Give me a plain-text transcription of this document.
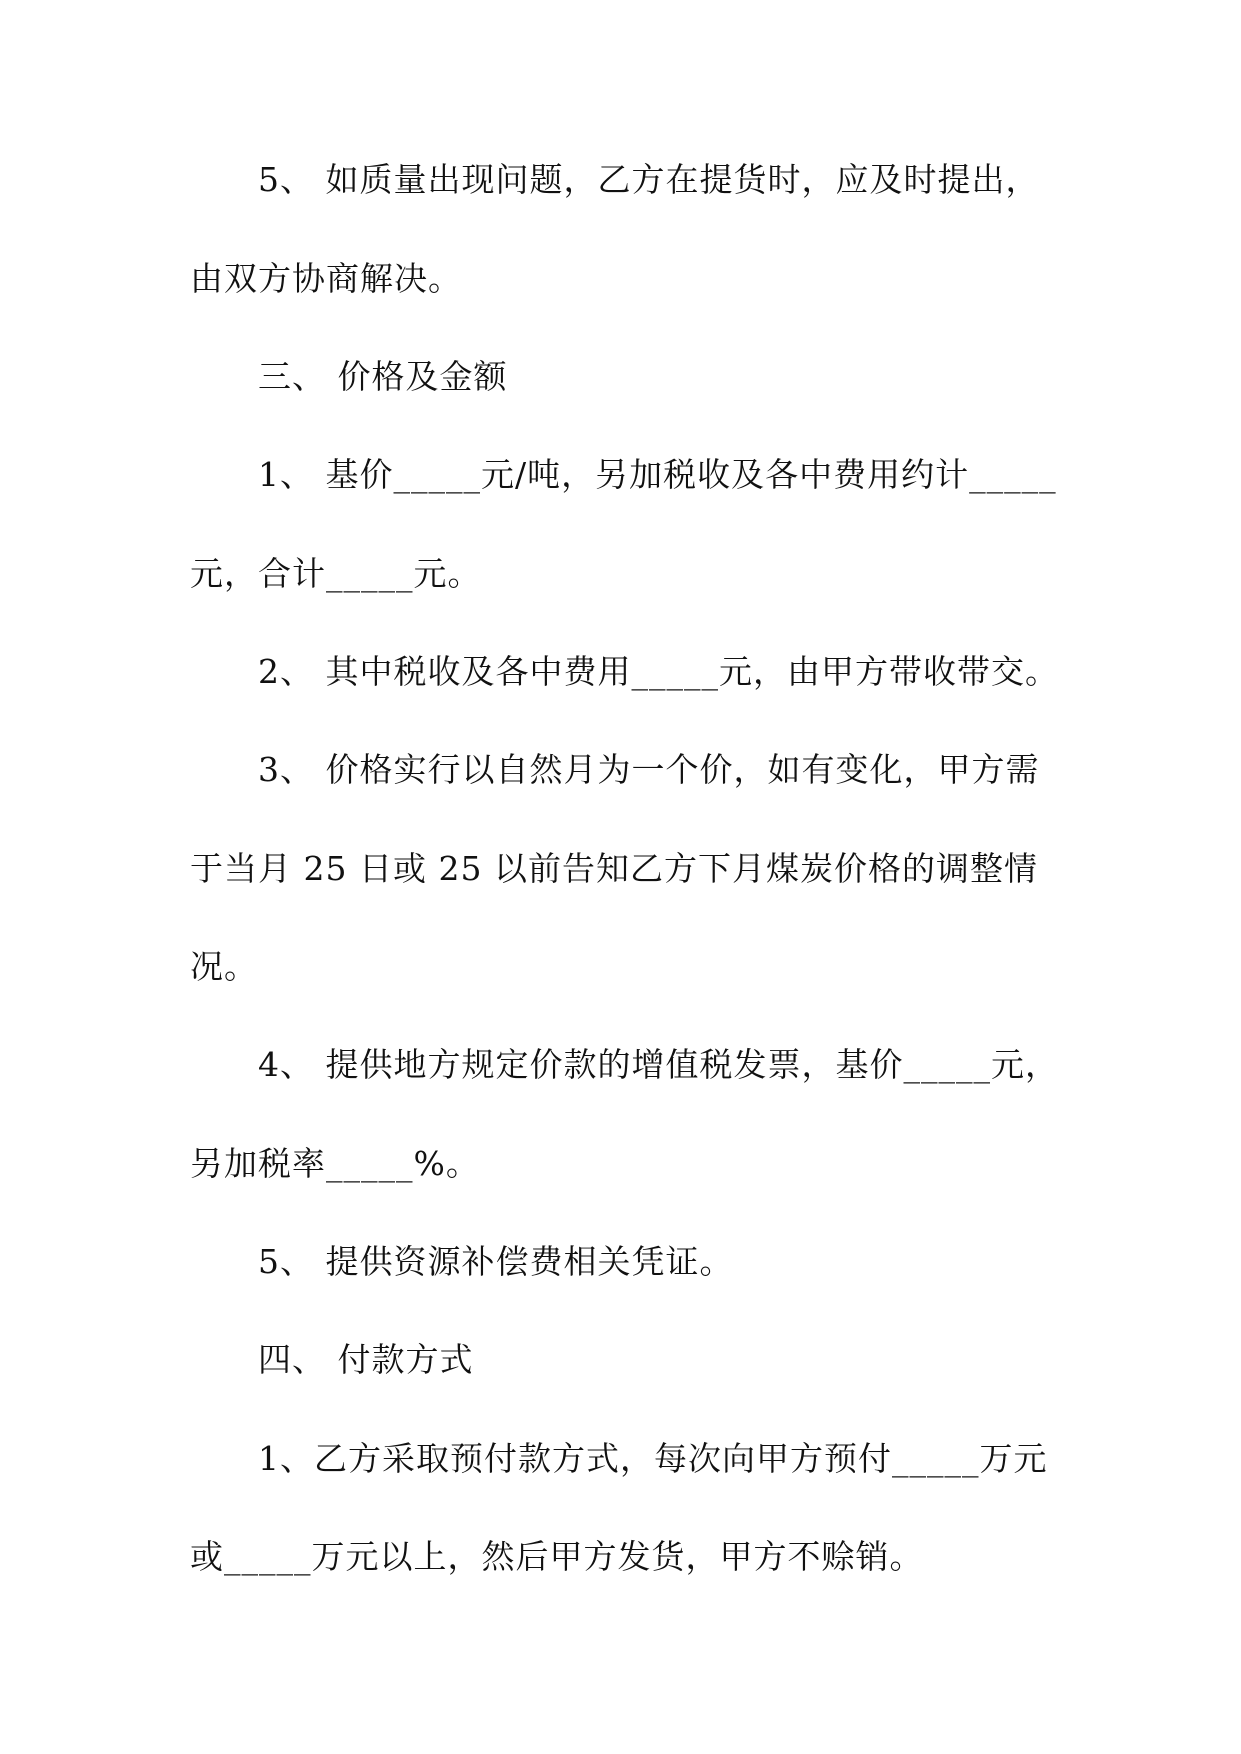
5、 如质量出现问题，乙方在提货时，应及时提出，
由双方协商解决。
三、 价格及金额
1、 基价_____元/吨，另加税收及各中费用约计_____
元，合计_____元。
2、 其中税收及各中费用_____元，由甲方带收带交。
3、 价格实行以自然月为一个价，如有变化，甲方需
于当月 25 日或 25 以前告知乙方下月煤炭价格的调整情
况。
4、 提供地方规定价款的增值税发票，基价_____元，
另加税率_____%。
5、 提供资源补偿费相关凭证。
四、 付款方式
1、乙方采取预付款方式，每次向甲方预付_____万元
或_____万元以上，然后甲方发货，甲方不赊销。
